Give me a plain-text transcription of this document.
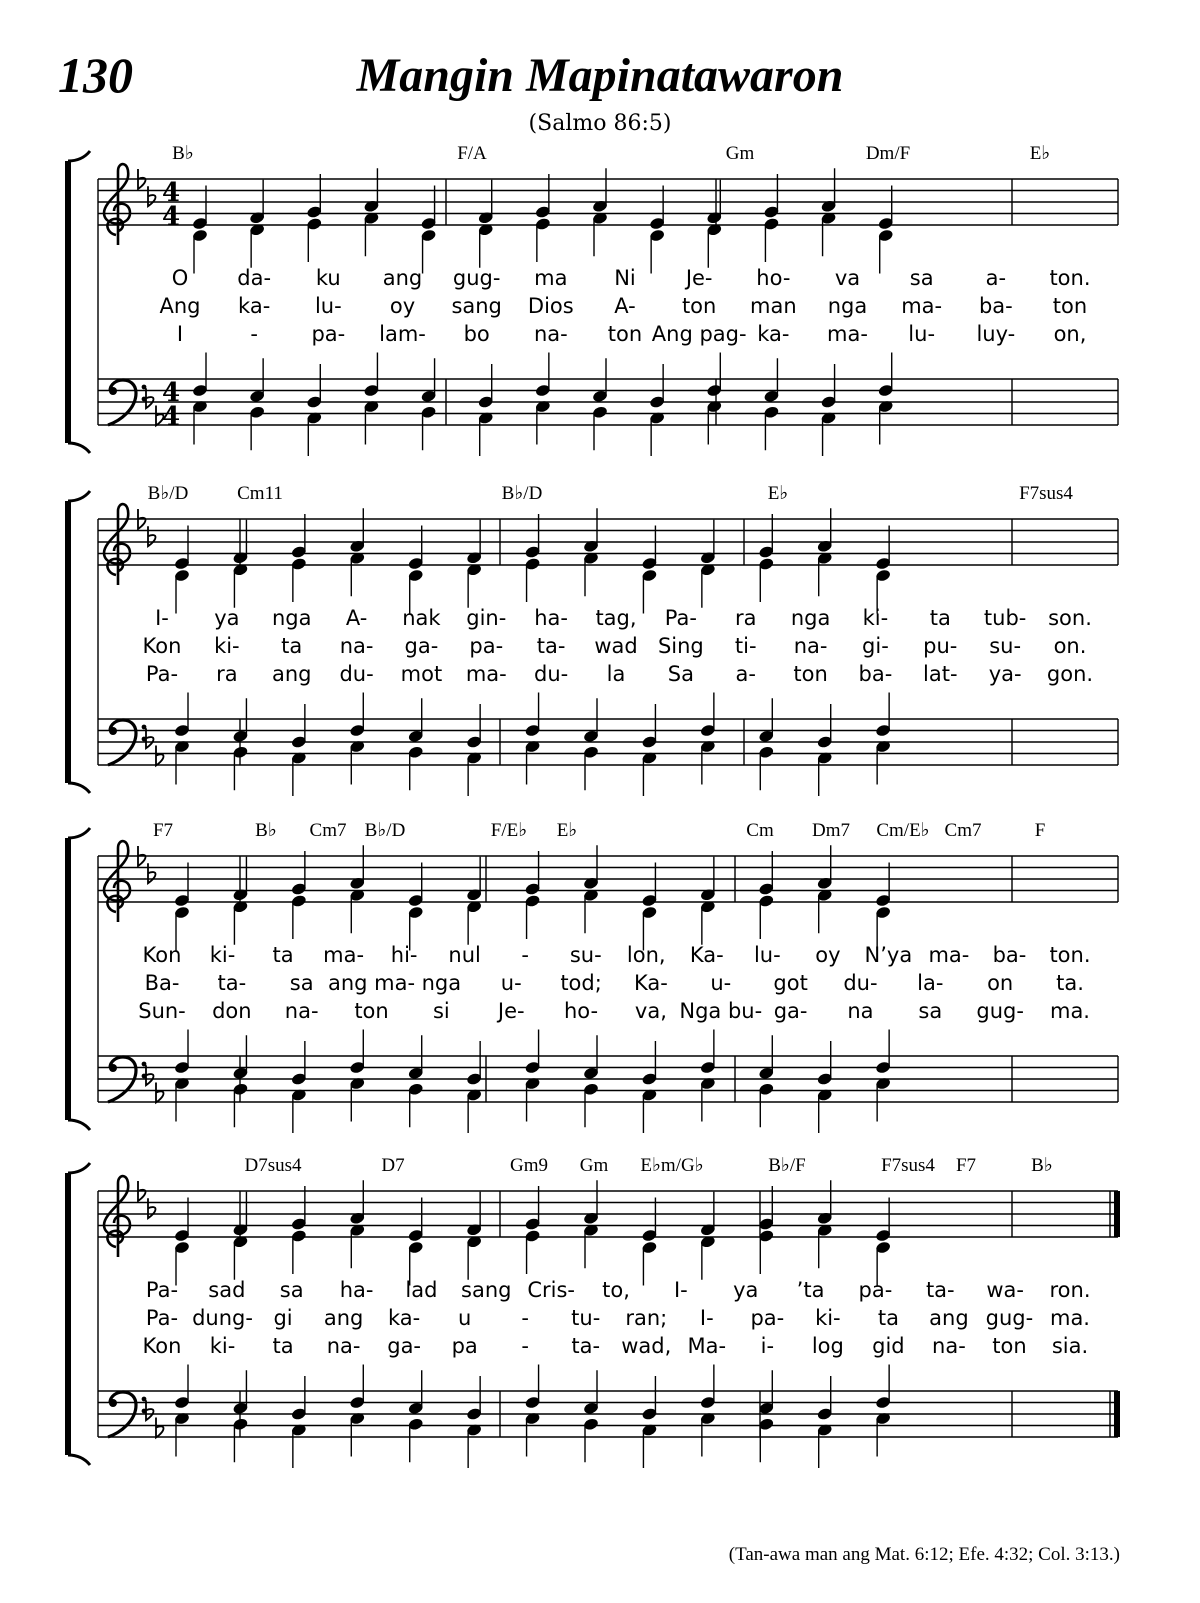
130	Mangin Mapinatawaron
(Salmo 86:5)
B♭	F/A	Gm	Dm/F	E♭
O da- ku ang gug- ma Ni Je- ho- va sa a- ton.
Ang ka- lu- oy sang Dios A- ton man nga ma- ba- ton
I	-	pa- lam- bo na- ton Ang pag- ka- ma- lu- luy- on,
4
4
4
4
B♭/D	Cm11	B♭/D	E♭	F7sus4
I- ya nga A- nak gin- ha- tag, Pa- ra nga ki- ta tub- son.
Kon ki- ta na- ga- pa- ta- wad Sing ti- na- gi- pu- su- on.
Pa- ra ang du- mot ma- du- la Sa a- ton ba- lat- ya- gon.
F7	B♭ Cm7 B♭/D	F/E♭ E♭	Cm Dm7 Cm/E♭ Cm7	F
Kon ki- ta ma- hi- nul - su- lon, Ka- lu- oy N’ya ma- ba- ton.
Ba- ta- sa ang ma- nga u- tod; Ka- u- got du- la- on ta.
Sun- don na- ton si Je- ho- va, Nga bu- ga- na sa gug- ma.
D7sus4	D7	Gm9 Gm E♭m/G♭	B♭/F	F7sus4 F7	B♭
Pa- sad sa ha- lad sang Cris- to, I- ya ’ta pa- ta- wa- ron.
Pa- dung- gi ang ka- u - tu- ran; I- pa- ki- ta ang gug- ma.
Kon ki- ta na- ga- pa - ta- wad, Ma- i- log gid na- ton sia.
(Tan-awa man ang Mat. 6:12; Efe. 4:32; Col. 3:13.)
